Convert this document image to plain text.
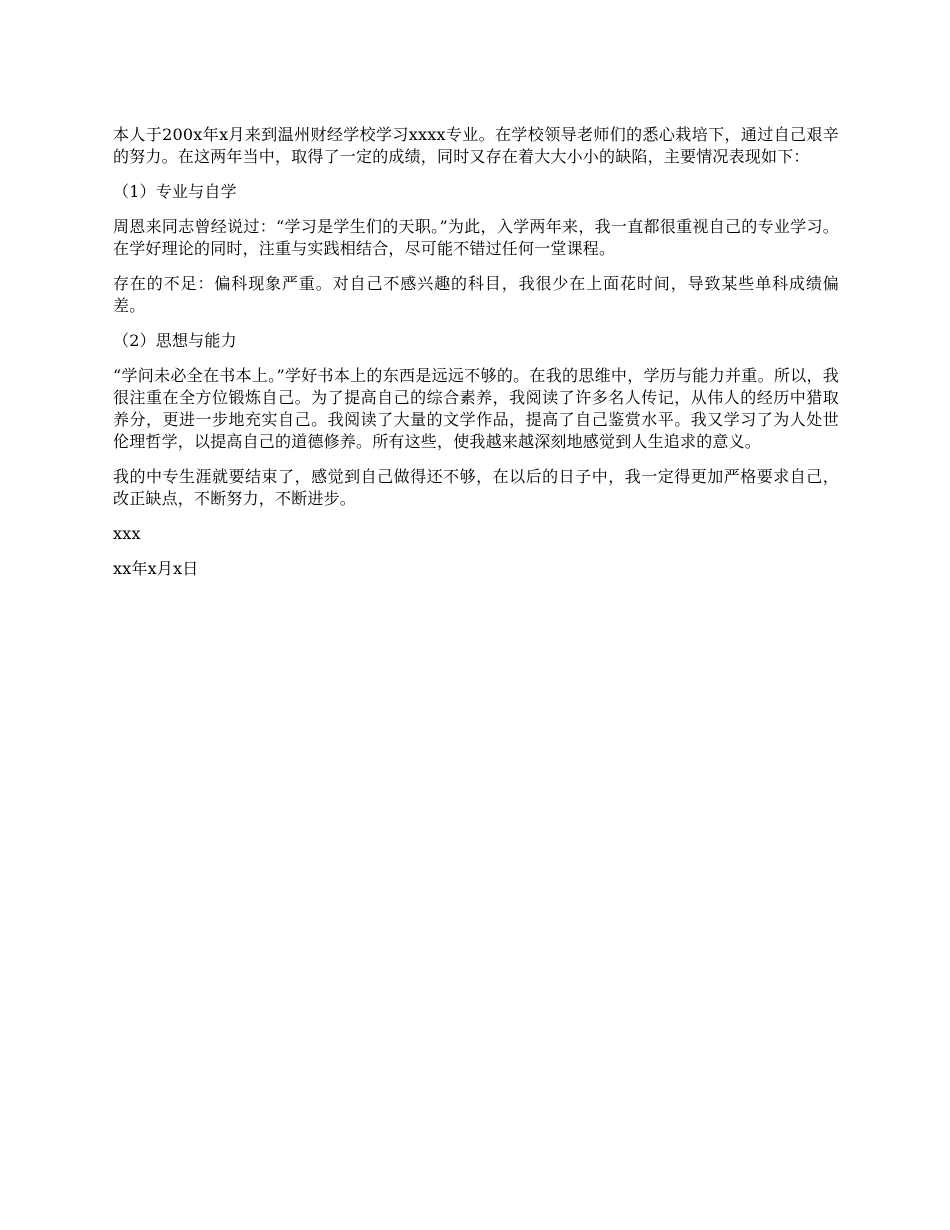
本人于200x年x月来到温州财经学校学习xxxx专业。在学校领导老师们的悉心栽培下，通过自己艰辛的努力。在这两年当中，取得了一定的成绩，同时又存在着大大小小的缺陷，主要情况表现如下：

（1）专业与自学

周恩来同志曾经说过：“学习是学生们的天职。”为此，入学两年来，我一直都很重视自己的专业学习。在学好理论的同时，注重与实践相结合，尽可能不错过任何一堂课程。

存在的不足：偏科现象严重。对自己不感兴趣的科目，我很少在上面花时间，导致某些单科成绩偏差。

（2）思想与能力

“学问未必全在书本上。”学好书本上的东西是远远不够的。在我的思维中，学历与能力并重。所以，我很注重在全方位锻炼自己。为了提高自己的综合素养，我阅读了许多名人传记，从伟人的经历中猎取养分，更进一步地充实自己。我阅读了大量的文学作品，提高了自己鉴赏水平。我又学习了为人处世伦理哲学，以提高自己的道德修养。所有这些，使我越来越深刻地感觉到人生追求的意义。

我的中专生涯就要结束了，感觉到自己做得还不够，在以后的日子中，我一定得更加严格要求自己，改正缺点，不断努力，不断进步。

xxx

xx年x月x日
